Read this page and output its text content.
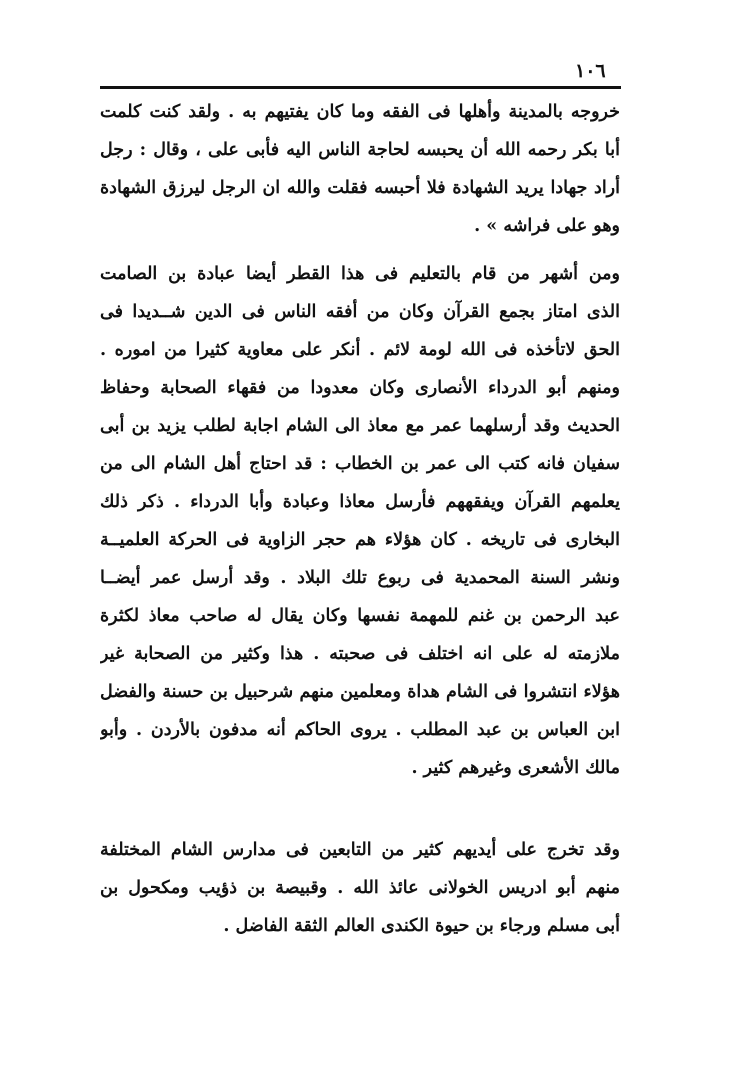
١٠٦
خروجه بالمدينة وأهلها فى الفقه وما كان يفتيهم به . ولقد كنت كلمت
أبا بكر رحمه الله أن يحبسه لحاجة الناس اليه فأبى على ، وقال : رجل
أراد جهادا يريد الشهادة فلا أحبسه فقلت والله ان الرجل ليرزق الشهادة
وهو على فراشه » .
ومن أشهر من قام بالتعليم فى هذا القطر أيضا عبادة بن الصامت
الذى امتاز بجمع القرآن وكان من أفقه الناس فى الدين شــديدا فى
الحق لاتأخذه فى الله لومة لائم . أنكر على معاوية كثيرا من اموره .
ومنهم أبو الدرداء الأنصارى وكان معدودا من فقهاء الصحابة وحفاظ
الحديث وقد أرسلهما عمر مع معاذ الى الشام اجابة لطلب يزيد بن أبى
سفيان فانه كتب الى عمر بن الخطاب : قد احتاج أهل الشام الى من
يعلمهم القرآن ويفقههم فأرسل معاذا وعبادة وأبا الدرداء . ذكر ذلك
البخارى فى تاريخه . كان هؤلاء هم حجر الزاوية فى الحركة العلميــة
ونشر السنة المحمدية فى ربوع تلك البلاد . وقد أرسل عمر أيضــا
عبد الرحمن بن غنم للمهمة نفسها وكان يقال له صاحب معاذ لكثرة
ملازمته له على انه اختلف فى صحبته . هذا وكثير من الصحابة غير
هؤلاء انتشروا فى الشام هداة ومعلمين منهم شرحبيل بن حسنة والفضل
ابن العباس بن عبد المطلب . يروى الحاكم أنه مدفون بالأردن . وأبو
مالك الأشعرى وغيرهم كثير .
وقد تخرج على أيديهم كثير من التابعين فى مدارس الشام المختلفة
منهم أبو ادريس الخولانى عائذ الله . وقبيصة بن ذؤيب ومكحول بن
أبى مسلم ورجاء بن حيوة الكندى العالم الثقة الفاضل .
